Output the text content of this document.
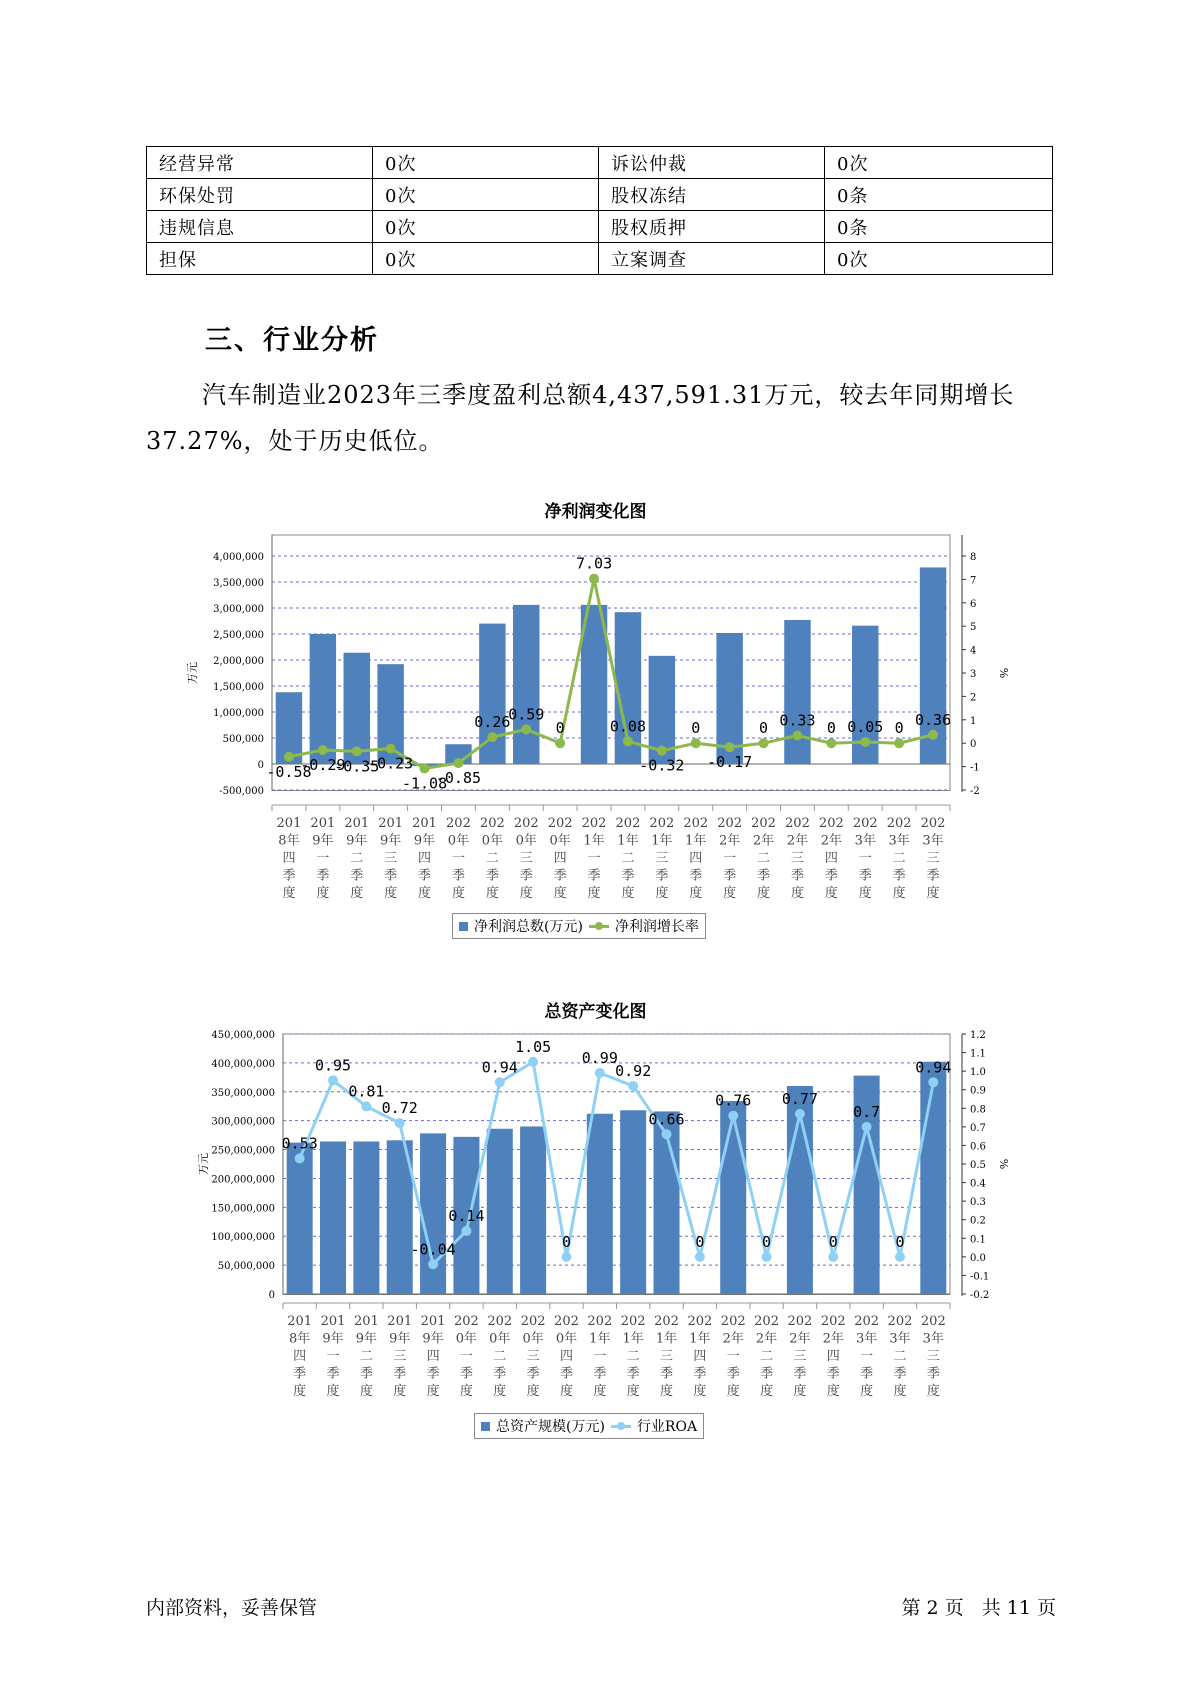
经营异常	0次	诉讼仲裁	0次
环保处罚	0次	股权冻结	0条
违规信息	0次	股权质押	0条
担保	0次	立案调查	0次
三、行业分析
汽车制造业2023年三季度盈利总额4,437,591.31万元，较去年同期增长37.27%，处于历史低位。
净利润变化图
-500,000
0
500,000
1,000,000
1,500,000
2,000,000
2,500,000
3,000,000
3,500,000
4,000,000
-2
-1
0
1
2
3
4
5
6
7
8
万元	%
201 8年四季度
201 9年一季度
201 9年二季度
201 9年三季度
201 9年四季度
202 0年一季度
202 0年二季度
202 0年三季度
202 0年四季度
202 1年一季度
202 1年二季度
202 1年三季度
202 1年四季度
202 2年一季度
202 2年二季度
202 2年三季度
202 2年四季度
202 3年一季度
202 3年二季度
202 3年三季度
-0.58
-0.29
-0.35
-0.23
-1.08
-0.85
0.26
0.59
0
7.03
0.08
-0.32
0
-0.17
0 0.33 0 0.05 0 0.36
净利润总数(万元) 净利润增长率
总资产变化图
0
50,000,000
100,000,000
150,000,000
200,000,000
250,000,000
300,000,000
350,000,000
400,000,000
450,000,000
-0.2
-0.1
0.0
0.1
0.2
0.3
0.4
0.5
0.6
0.7
0.8
0.9
1.0
1.1
1.2
万元	%
201 8年四季度
201 9年一季度
201 9年二季度
201 9年三季度
201 9年四季度
202 0年一季度
202 0年二季度
202 0年三季度
202 0年四季度
202 1年一季度
202 1年二季度
202 1年三季度
202 1年四季度
202 2年一季度
202 2年二季度
202 2年三季度
202 2年四季度
202 3年一季度
202 3年二季度
202 3年三季度
0.53
0.95
0.81
0.72
-0.04
0.14
0.94
1.05
0
0.99
0.92
0.66
0
0.76
0
0.77
0
0.7
0
0.94
总资产规模(万元) 行业ROA
内部资料，妥善保管	第 2 页   共 11 页
